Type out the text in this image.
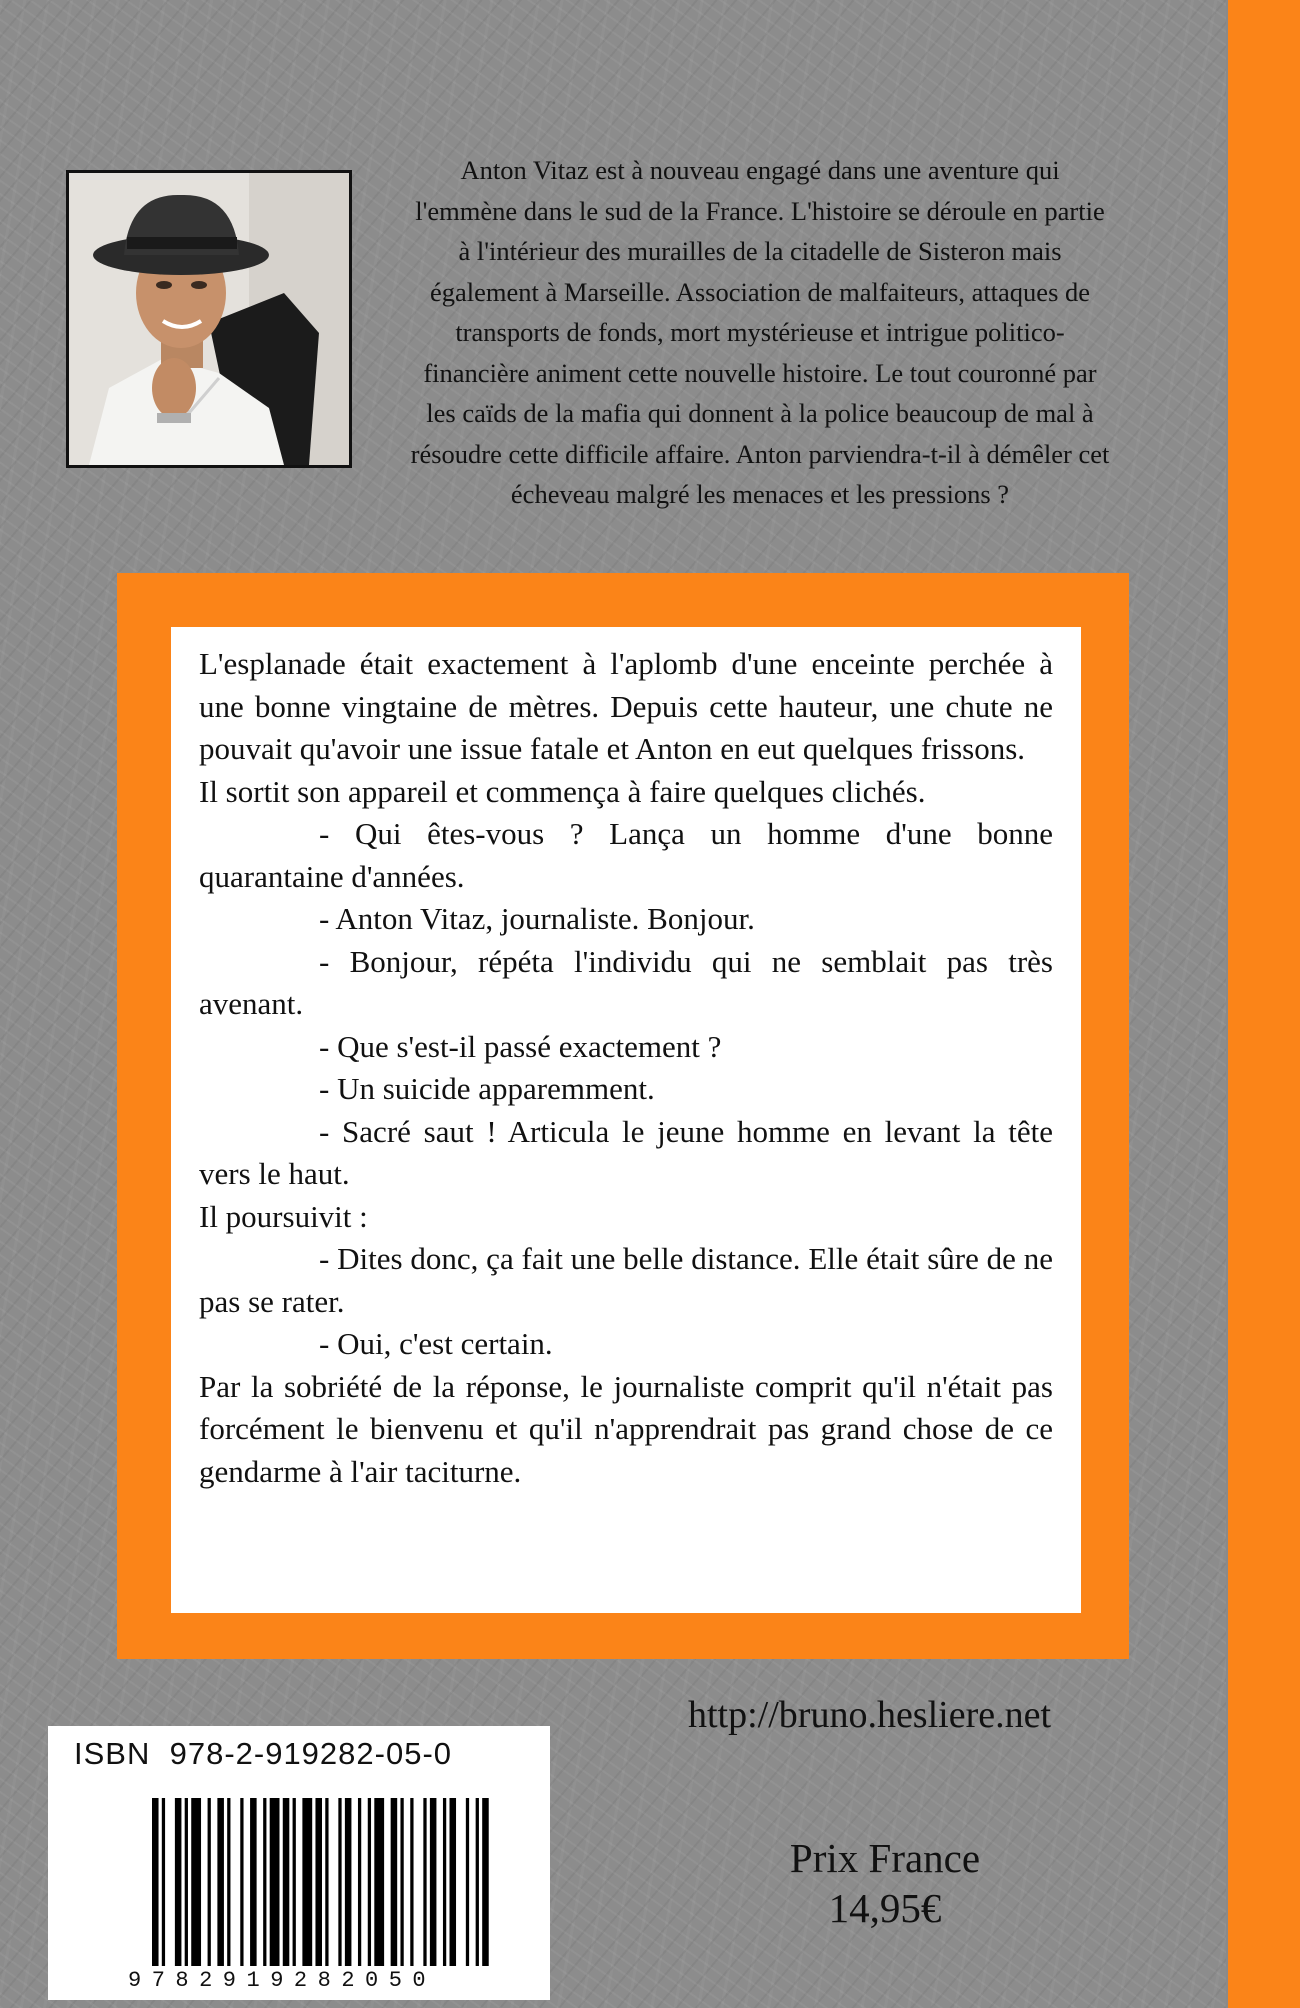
Anton Vitaz est à nouveau engagé dans une aventure qui l'emmène dans le sud de la France. L'histoire se déroule en partie à l'intérieur des murailles de la citadelle de Sisteron mais également à Marseille. Association de malfaiteurs, attaques de transports de fonds, mort mystérieuse et intrigue politico-financière animent cette nouvelle histoire. Le tout couronné par les caïds de la mafia qui donnent à la police beaucoup de mal à résoudre cette difficile affaire. Anton parviendra-t-il à démêler cet écheveau malgré les menaces et les pressions ?

L'esplanade était exactement à l'aplomb d'une enceinte perchée à une bonne vingtaine de mètres. Depuis cette hauteur, une chute ne pouvait qu'avoir une issue fatale et Anton en eut quelques frissons.

Il sortit son appareil et commença à faire quelques clichés.

- Qui êtes-vous ? Lança un homme d'une bonne quarantaine d'années.

- Anton Vitaz, journaliste. Bonjour.

- Bonjour, répéta l'individu qui ne semblait pas très avenant.

- Que s'est-il passé exactement ?

- Un suicide apparemment.

- Sacré saut ! Articula le jeune homme en levant la tête vers le haut.

Il poursuivit :

- Dites donc, ça fait une belle distance. Elle était sûre de ne pas se rater.

- Oui, c'est certain.

Par la sobriété de la réponse, le journaliste comprit qu'il n'était pas forcément le bienvenu et qu'il n'apprendrait pas grand chose de ce gendarme à l'air taciturne.

http://bruno.hesliere.net
ISBN 978-2-919282-05-0
9782919282050
Prix France
14,95€
